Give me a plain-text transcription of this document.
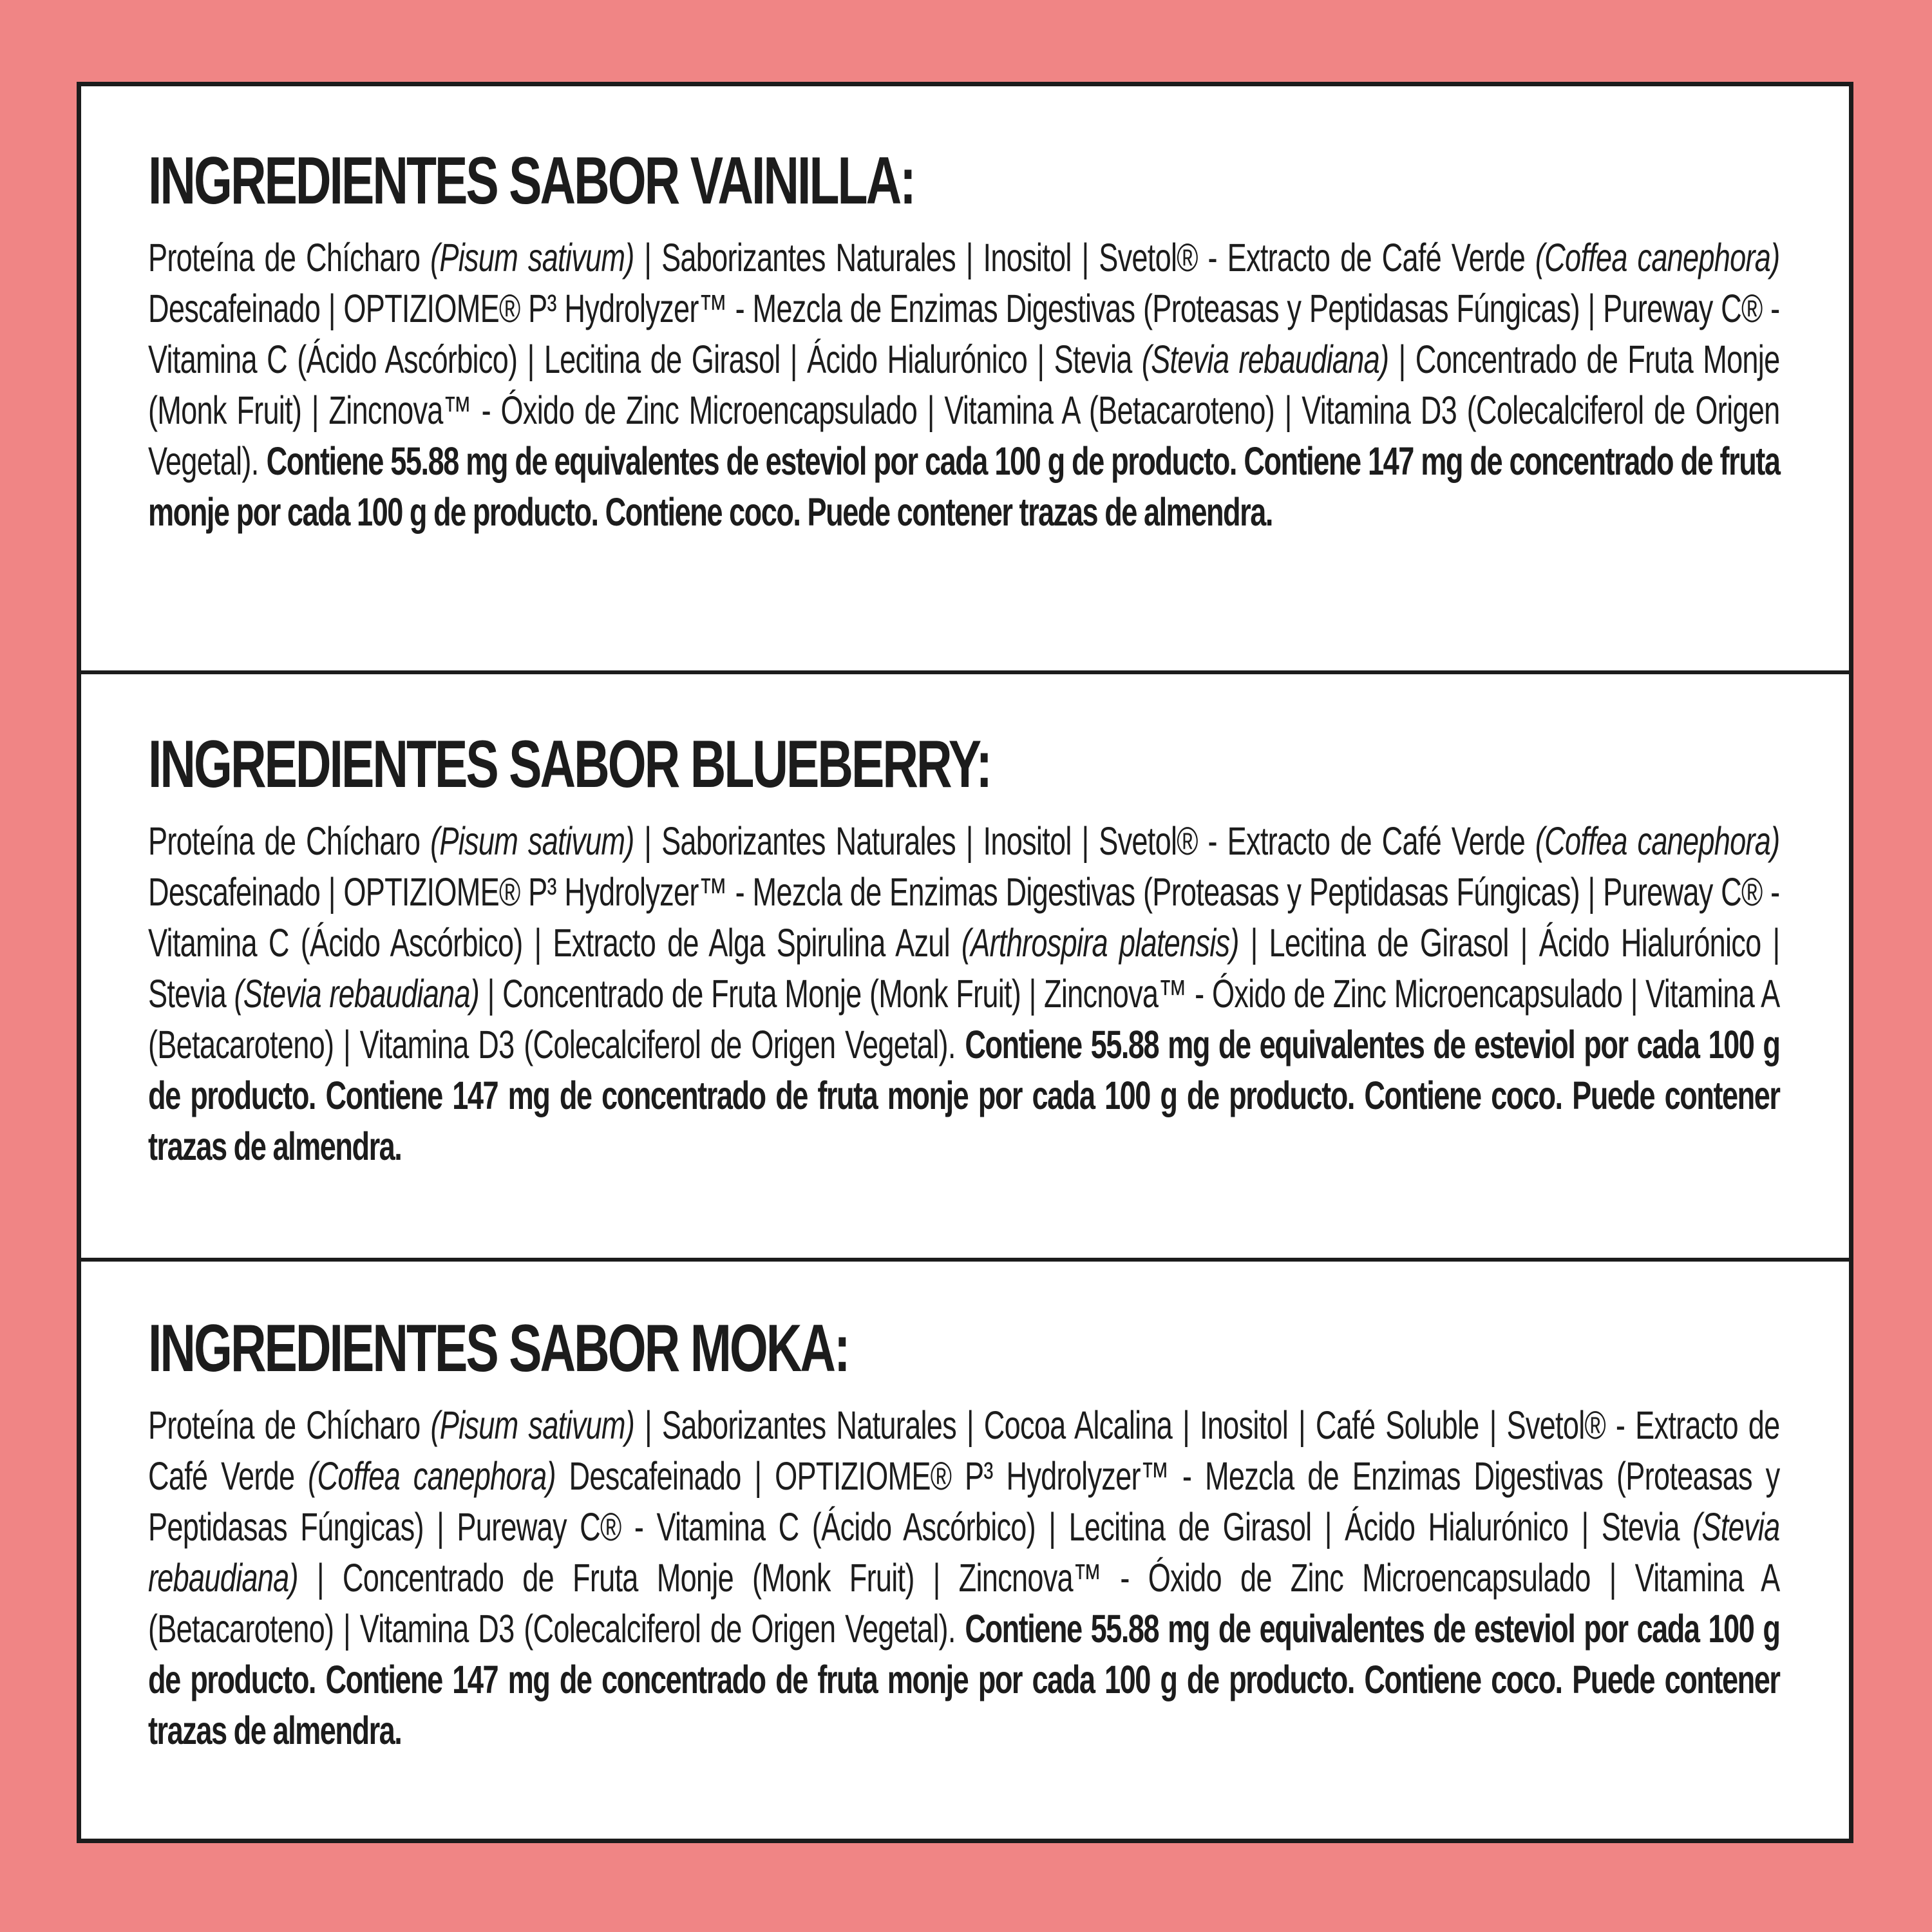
INGREDIENTES SABOR VAINILLA:

Proteína de Chícharo (Pisum sativum) | Saborizantes Naturales | Inositol | Svetol® - Extracto de Café Verde (Coffea canephora) Descafeinado | OPTIZIOME® P³ Hydrolyzer™ - Mezcla de Enzimas Digestivas (Proteasas y Peptidasas Fúngicas) | Pureway C® - Vitamina C (Ácido Ascórbico) | Lecitina de Girasol | Ácido Hialurónico | Stevia (Stevia rebaudiana) | Concentrado de Fruta Monje (Monk Fruit) | Zincnova™ - Óxido de Zinc Microencapsulado | Vitamina A (Betacaroteno) | Vitamina D3 (Colecalciferol de Origen Vegetal). Contiene 55.88 mg de equivalentes de esteviol por cada 100 g de producto. Contiene 147 mg de concentrado de fruta monje por cada 100 g de producto. Contiene coco. Puede contener trazas de almendra.

INGREDIENTES SABOR BLUEBERRY:

Proteína de Chícharo (Pisum sativum) | Saborizantes Naturales | Inositol | Svetol® - Extracto de Café Verde (Coffea canephora) Descafeinado | OPTIZIOME® P³ Hydrolyzer™ - Mezcla de Enzimas Digestivas (Proteasas y Peptidasas Fúngicas) | Pureway C® - Vitamina C (Ácido Ascórbico) | Extracto de Alga Spirulina Azul (Arthrospira platensis) | Lecitina de Girasol | Ácido Hialurónico | Stevia (Stevia rebaudiana) | Concentrado de Fruta Monje (Monk Fruit) | Zincnova™ - Óxido de Zinc Microencapsulado | Vitamina A (Betacaroteno) | Vitamina D3 (Colecalciferol de Origen Vegetal). Contiene 55.88 mg de equivalentes de esteviol por cada 100 g de producto. Contiene 147 mg de concentrado de fruta monje por cada 100 g de producto. Contiene coco. Puede contener trazas de almendra.

INGREDIENTES SABOR MOKA:

Proteína de Chícharo (Pisum sativum) | Saborizantes Naturales | Cocoa Alcalina | Inositol | Café Soluble | Svetol® - Extracto de Café Verde (Coffea canephora) Descafeinado | OPTIZIOME® P³ Hydrolyzer™ - Mezcla de Enzimas Digestivas (Proteasas y Peptidasas Fúngicas) | Pureway C® - Vitamina C (Ácido Ascórbico) | Lecitina de Girasol | Ácido Hialurónico | Stevia (Stevia rebaudiana) | Concentrado de Fruta Monje (Monk Fruit) | Zincnova™ - Óxido de Zinc Microencapsulado | Vitamina A (Betacaroteno) | Vitamina D3 (Colecalciferol de Origen Vegetal). Contiene 55.88 mg de equivalentes de esteviol por cada 100 g de producto. Contiene 147 mg de concentrado de fruta monje por cada 100 g de producto. Contiene coco. Puede contener trazas de almendra.
